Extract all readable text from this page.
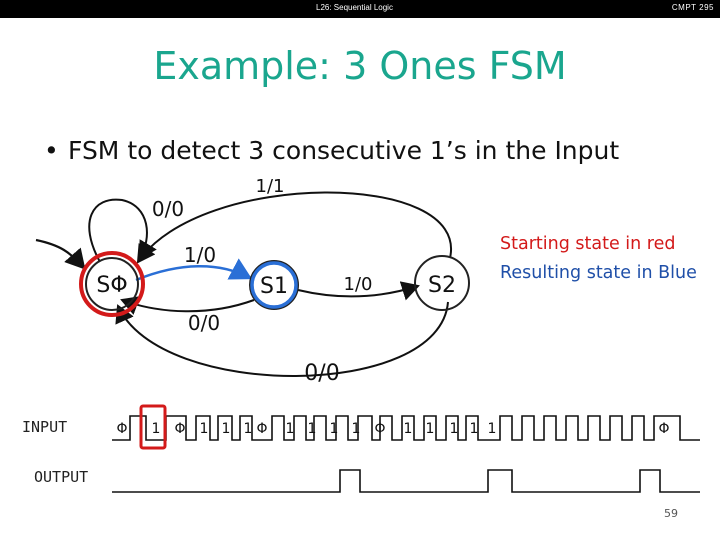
L26: Sequential Logic	CMPT 295
Example: 3 Ones FSM
• FSM to detect 3 consecutive 1’s in the Input
SΦ	S1	S2
1/1
0/0
1/0
1/0
0/0
0/0
INPUT
OUTPUT
Φ 1 Φ 1 1 1 Φ 1 1 1 1 Φ 1 1 1 1 1	Φ
Starting state in red
Resulting state in Blue
59
